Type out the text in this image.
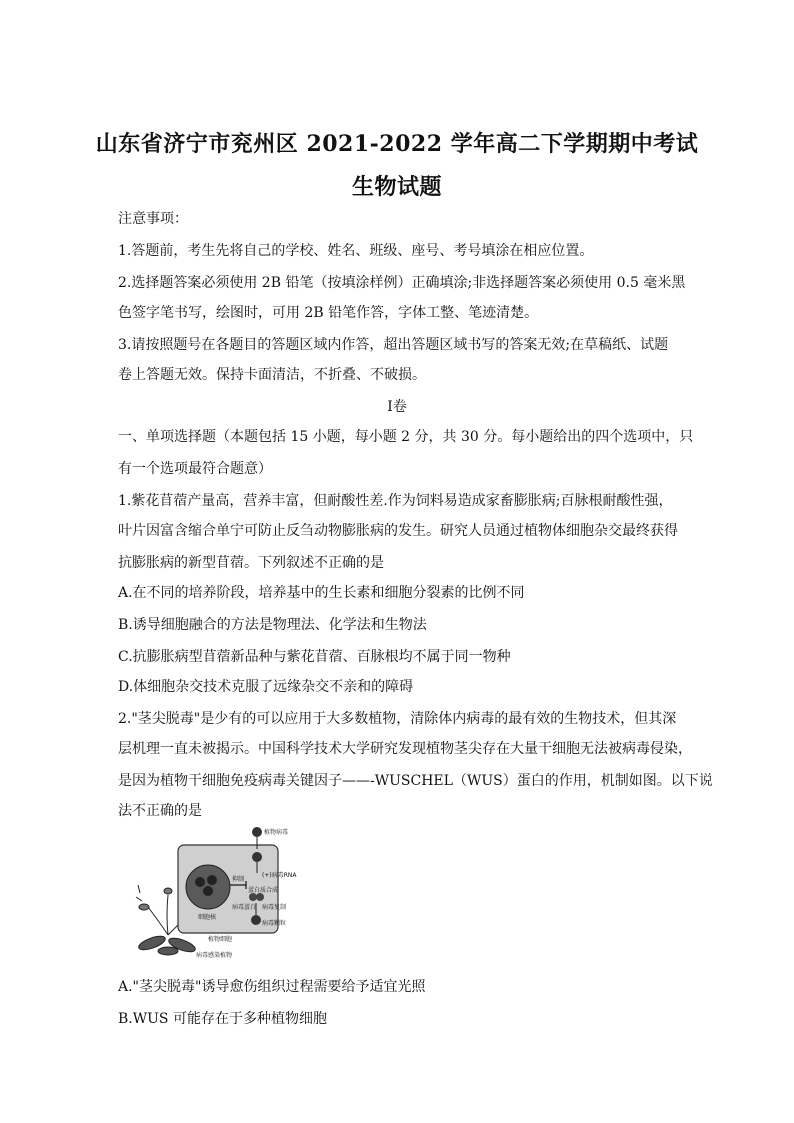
山东省济宁市兖州区 2021-2022 学年高二下学期期中考试
生物试题
注意事项：
1.答题前，考生先将自己的学校、姓名、班级、座号、考号填涂在相应位置。
2.选择题答案必须使用 2B 铅笔（按填涂样例）正确填涂;非选择题答案必须使用 0.5 毫米黑
色签字笔书写，绘图时，可用 2B 铅笔作答，字体工整、笔迹清楚。
3.请按照题号在各题目的答题区域内作答，超出答题区域书写的答案无效;在草稿纸、试题
卷上答题无效。保持卡面清洁，不折叠、不破损。
Ⅰ卷
一、单项选择题（本题包括 15 小题，每小题 2 分，共 30 分。每小题给出的四个选项中，只
有一个选项最符合题意）
1.紫花苜蓿产量高，营养丰富，但耐酸性差.作为饲料易造成家畜膨胀病;百脉根耐酸性强，
叶片因富含缩合单宁可防止反刍动物膨胀病的发生。研究人员通过植物体细胞杂交最终获得
抗膨胀病的新型苜蓿。下列叙述不正确的是
A.在不同的培养阶段，培养基中的生长素和细胞分裂素的比例不同
B.诱导细胞融合的方法是物理法、化学法和生物法
C.抗膨胀病型苜蓿新品种与紫花苜蓿、百脉根均不属于同一物种
D.体细胞杂交技术克服了远缘杂交不亲和的障碍
2."茎尖脱毒"是少有的可以应用于大多数植物，清除体内病毒的最有效的生物技术，但其深
层机理一直未被揭示。中国科学技术大学研究发现植物茎尖存在大量干细胞无法被病毒侵染，
是因为植物干细胞免疫病毒关键因子——-WUSCHEL（WUS）蛋白的作用，机制如图。以下说
法不正确的是
植物病毒
(+)病毒RNA
抑制
细胞核
蛋白质合成
病毒蛋白 病毒复制
病毒颗粒
植物细胞
病毒感染植物
A."茎尖脱毒"诱导愈伤组织过程需要给予适宜光照
B.WUS 可能存在于多种植物细胞
